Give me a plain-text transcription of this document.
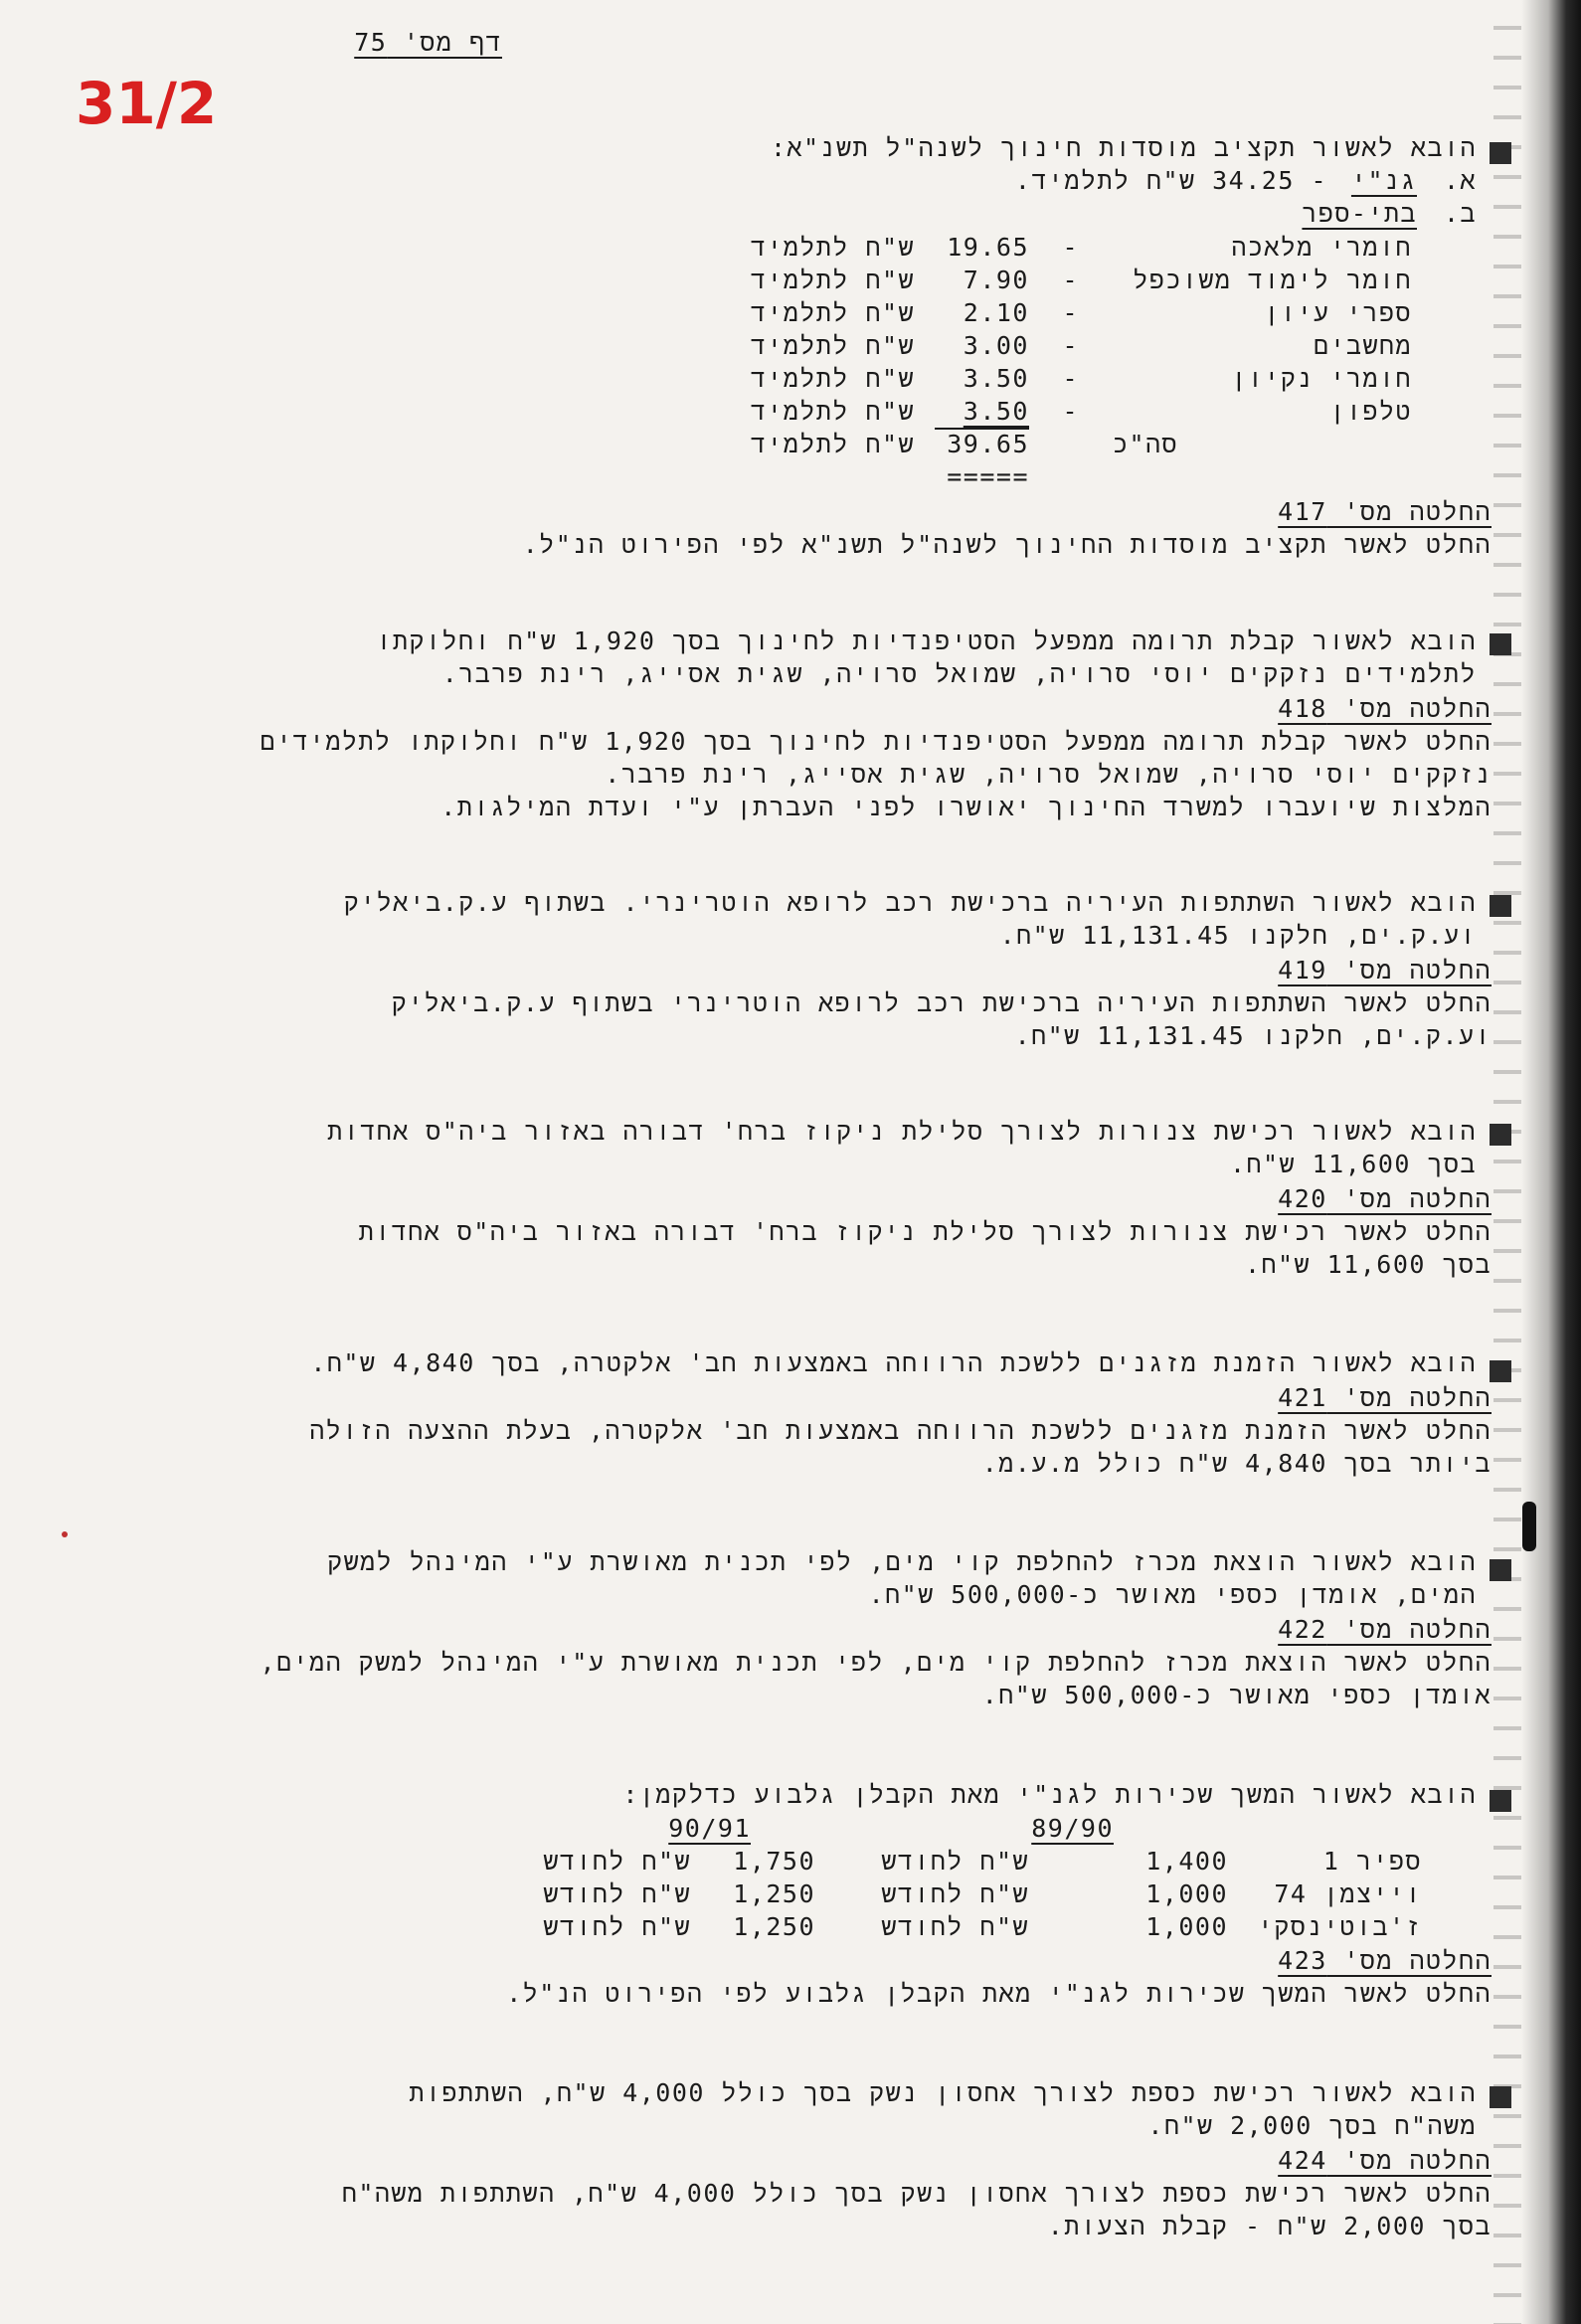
דף מס' 75
31/2
הובא לאשור תקציב מוסדות חינוך לשנה"ל תשנ"א:
א.
גנ"י
- 34.25 ש"ח לתלמיד.
ב.
בתי-ספר
חומרי מלאכה
-
19.65
ש"ח לתלמיד
חומר לימוד משוכפל
-
7.90
ש"ח לתלמיד
ספרי עיון
-
2.10
ש"ח לתלמיד
מחשבים
-
3.00
ש"ח לתלמיד
חומרי נקיון
-
3.50
ש"ח לתלמיד
טלפון
-
3.50
ש"ח לתלמיד
סה"כ
39.65
ש"ח לתלמיד
=====
החלטה מס' 417
החלט לאשר תקציב מוסדות החינוך לשנה"ל תשנ"א לפי הפירוט הנ"ל.
הובא לאשור קבלת תרומה ממפעל הסטיפנדיות לחינוך בסך 1,920 ש"ח וחלוקתו
לתלמידים נזקקים יוסי סרויה, שמואל סרויה, שגית אסייג, רינת פרבר.
החלטה מס' 418
החלט לאשר קבלת תרומה ממפעל הסטיפנדיות לחינוך בסך 1,920 ש"ח וחלוקתו לתלמידים
נזקקים יוסי סרויה, שמואל סרויה, שגית אסייג, רינת פרבר.
המלצות שיועברו למשרד החינוך יאושרו לפני העברתן ע"י ועדת המילגות.
הובא לאשור השתתפות העיריה ברכישת רכב לרופא הוטרינרי. בשתוף ע.ק.ביאליק
וע.ק.ים, חלקנו 11,131.45 ש"ח.
החלטה מס' 419
החלט לאשר השתתפות העיריה ברכישת רכב לרופא הוטרינרי בשתוף ע.ק.ביאליק
וע.ק.ים, חלקנו 11,131.45 ש"ח.
הובא לאשור רכישת צנורות לצורך סלילת ניקוז ברח' דבורה באזור ביה"ס אחדות
בסך 11,600 ש"ח.
החלטה מס' 420
החלט לאשר רכישת צנורות לצורך סלילת ניקוז ברח' דבורה באזור ביה"ס אחדות
בסך 11,600 ש"ח.
הובא לאשור הזמנת מזגנים ללשכת הרווחה באמצעות חב' אלקטרה, בסך 4,840 ש"ח.
החלטה מס' 421
החלט לאשר הזמנת מזגנים ללשכת הרווחה באמצעות חב' אלקטרה, בעלת ההצעה הזולה
ביותר בסך 4,840 ש"ח כולל מ.ע.מ.
הובא לאשור הוצאת מכרז להחלפת קוי מים, לפי תכנית מאושרת ע"י המינהל למשק
המים, אומדן כספי מאושר כ-500,000 ש"ח.
החלטה מס' 422
החלט לאשר הוצאת מכרז להחלפת קוי מים, לפי תכנית מאושרת ע"י המינהל למשק המים,
אומדן כספי מאושר כ-500,000 ש"ח.
הובא לאשור המשך שכירות לגנ"י מאת הקבלן גלבוע כדלקמן:
89/90
90/91
ספיר 1
1,400
ש"ח לחודש
1,750
ש"ח לחודש
וייצמן 74
1,000
ש"ח לחודש
1,250
ש"ח לחודש
ז'בוטינסקי
1,000
ש"ח לחודש
1,250
ש"ח לחודש
החלטה מס' 423
החלט לאשר המשך שכירות לגנ"י מאת הקבלן גלבוע לפי הפירוט הנ"ל.
הובא לאשור רכישת כספת לצורך אחסון נשק בסך כולל 4,000 ש"ח, השתתפות
משה"ח בסך 2,000 ש"ח.
החלטה מס' 424
החלט לאשר רכישת כספת לצורך אחסון נשק בסך כולל 4,000 ש"ח, השתתפות משה"ח
בסך 2,000 ש"ח - קבלת הצעות.
